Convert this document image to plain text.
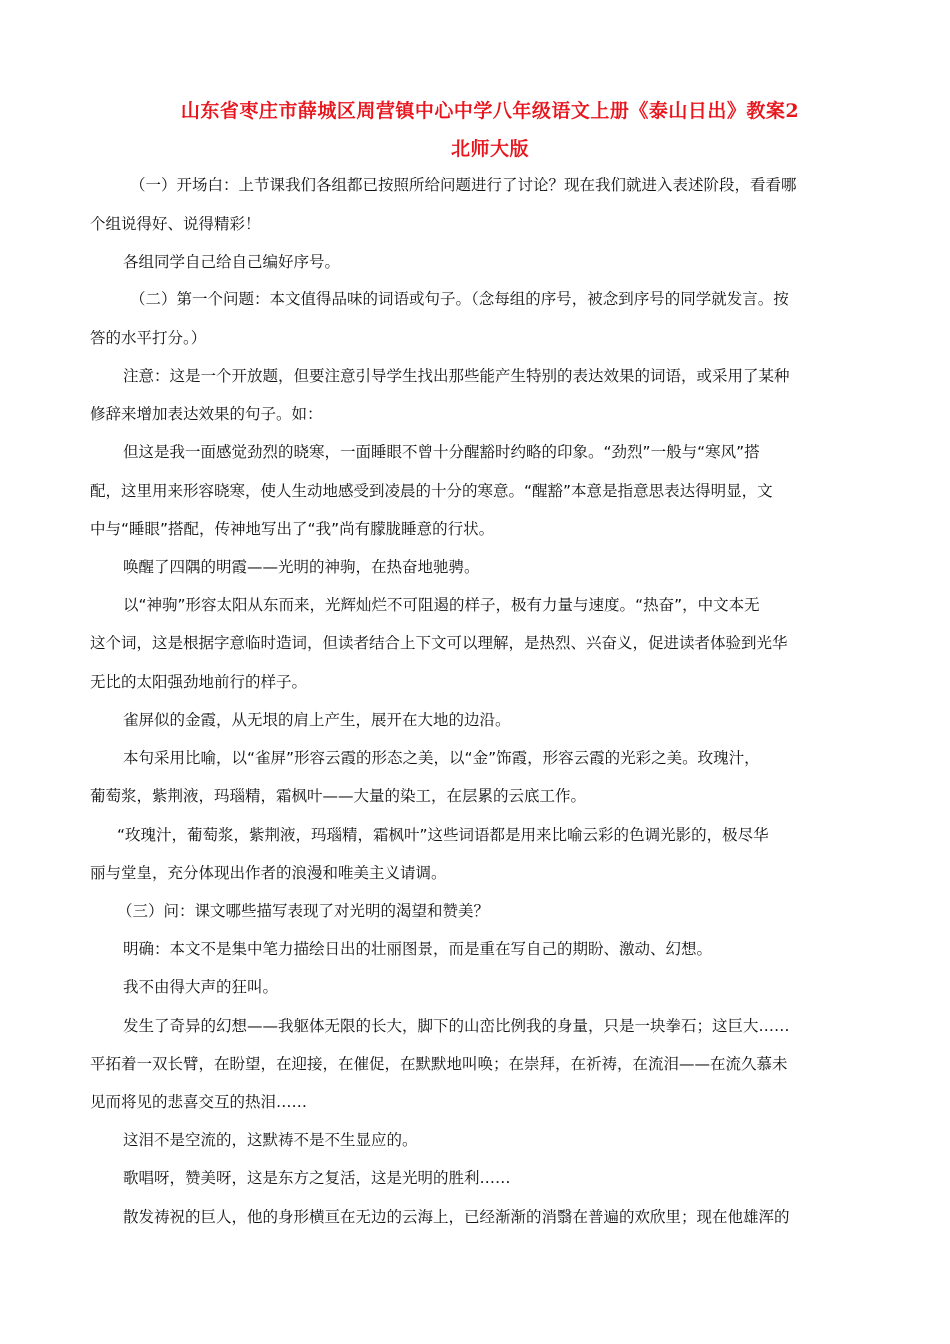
山东省枣庄市薛城区周营镇中心中学八年级语文上册《泰山日出》教案2
北师大版
（一）开场白：上节课我们各组都已按照所给问题进行了讨论？现在我们就进入表述阶段，看看哪
个组说得好、说得精彩！
各组同学自己给自己编好序号。
（二）第一个问题：本文值得品味的词语或句子。（念每组的序号，被念到序号的同学就发言。按
答的水平打分。）
注意：这是一个开放题，但要注意引导学生找出那些能产生特别的表达效果的词语，或采用了某种
修辞来增加表达效果的句子。如：
但这是我一面感觉劲烈的晓寒，一面睡眼不曾十分醒豁时约略的印象。“劲烈”一般与“寒风”搭
配，这里用来形容晓寒，使人生动地感受到凌晨的十分的寒意。“醒豁”本意是指意思表达得明显，文
中与“睡眼”搭配，传神地写出了“我”尚有朦胧睡意的行状。
唤醒了四隅的明霞——光明的神驹，在热奋地驰骋。
以“神驹”形容太阳从东而来，光辉灿烂不可阻遏的样子，极有力量与速度。“热奋”，中文本无
这个词，这是根据字意临时造词，但读者结合上下文可以理解，是热烈、兴奋义，促进读者体验到光华
无比的太阳强劲地前行的样子。
雀屏似的金霞，从无垠的肩上产生，展开在大地的边沿。
本句采用比喻，以“雀屏”形容云霞的形态之美，以“金”饰霞，形容云霞的光彩之美。玫瑰汁，
葡萄浆，紫荆液，玛瑙精，霜枫叶——大量的染工，在层累的云底工作。
“玫瑰汁，葡萄浆，紫荆液，玛瑙精，霜枫叶”这些词语都是用来比喻云彩的色调光影的，极尽华
丽与堂皇，充分体现出作者的浪漫和唯美主义请调。
（三）问：课文哪些描写表现了对光明的渴望和赞美？
明确：本文不是集中笔力描绘日出的壮丽图景，而是重在写自己的期盼、激动、幻想。
我不由得大声的狂叫。
发生了奇异的幻想——我躯体无限的长大，脚下的山峦比例我的身量，只是一块拳石；这巨大……
平拓着一双长臂，在盼望，在迎接，在催促，在默默地叫唤；在崇拜，在祈祷，在流泪——在流久慕未
见而将见的悲喜交互的热泪……
这泪不是空流的，这默祷不是不生显应的。
歌唱呀，赞美呀，这是东方之复活，这是光明的胜利……
散发祷祝的巨人，他的身形横亘在无边的云海上，已经渐渐的消翳在普遍的欢欣里；现在他雄浑的
